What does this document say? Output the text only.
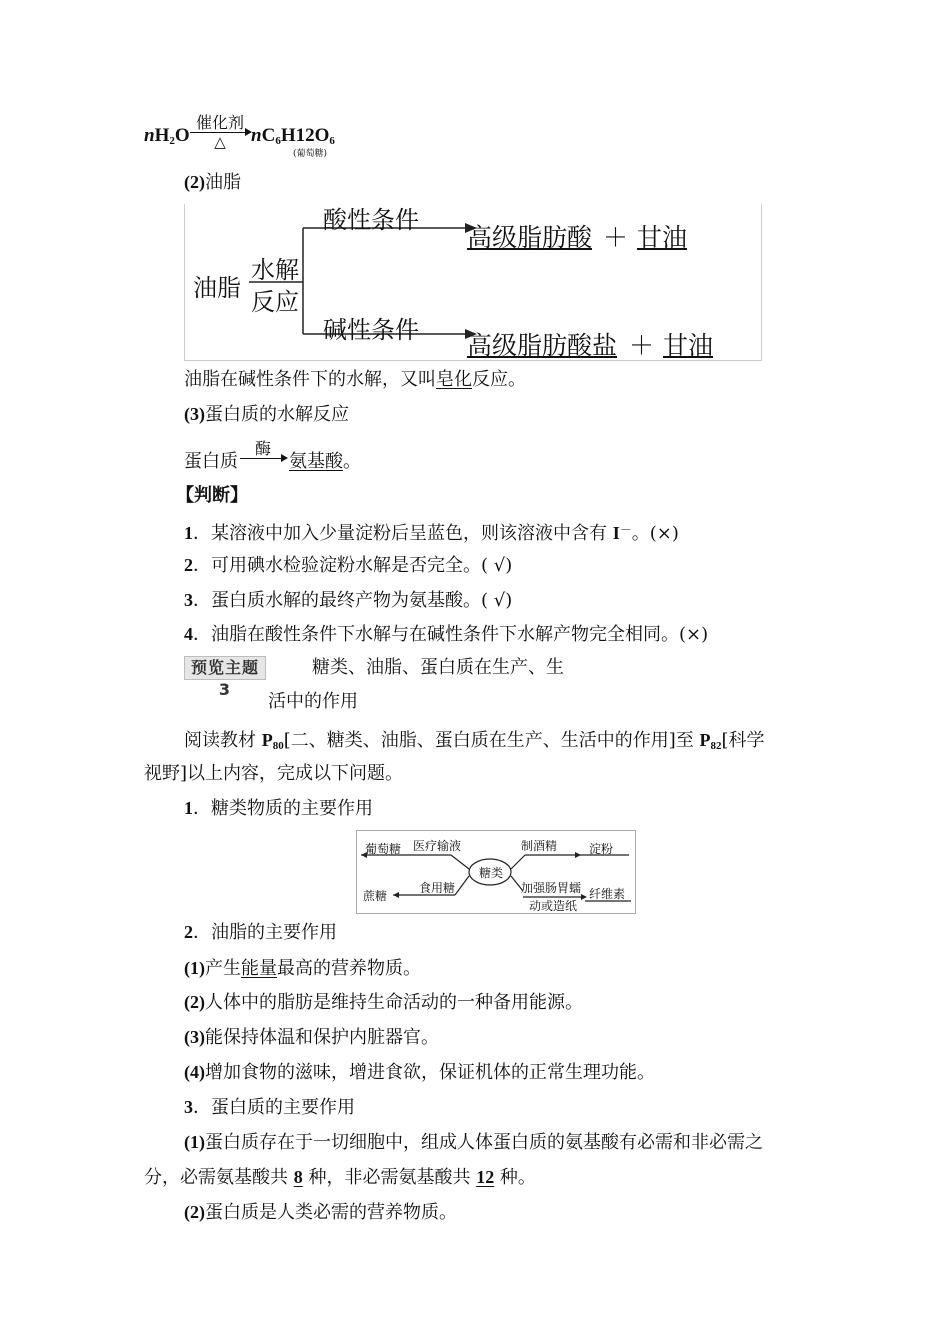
$nH_2O$
催化剂
△	$nC_6H12O_6$
(葡萄糖)
(2)油脂
油脂
水解
反应
酸性条件
高级脂肪酸 ＋ 甘油
碱性条件
高级脂肪酸盐 ＋ 甘油
油脂在碱性条件下的水解，又叫皂化反应。
(3)蛋白质的水解反应
蛋白质
酶
氨基酸。
【判断】
1．某溶液中加入少量淀粉后呈蓝色，则该溶液中含有 I－。(×)
2．可用碘水检验淀粉水解是否完全。( √)
3．蛋白质水解的最终产物为氨基酸。( √)
4．油脂在酸性条件下水解与在碱性条件下水解产物完全相同。(×)
预览主题3
糖类、油脂、蛋白质在生产、生
活中的作用
阅读教材 $P_{80}$[二、糖类、油脂、蛋白质在生产、生活中的作用]至 $P_{82}$[科学
视野]以上内容，完成以下问题。
1．糖类物质的主要作用
糖类
葡萄糖 医疗输液	制酒精	淀粉
蔗糖
食用糖	加强肠胃蠕
动或造纸
纤维素
2．油脂的主要作用
(1)产生能量最高的营养物质。
(2)人体中的脂肪是维持生命活动的一种备用能源。
(3)能保持体温和保护内脏器官。
(4)增加食物的滋味，增进食欲，保证机体的正常生理功能。
3．蛋白质的主要作用
(1)蛋白质存在于一切细胞中，组成人体蛋白质的氨基酸有必需和非必需之
分，必需氨基酸共 8 种，非必需氨基酸共 12 种。
(2)蛋白质是人类必需的营养物质。
